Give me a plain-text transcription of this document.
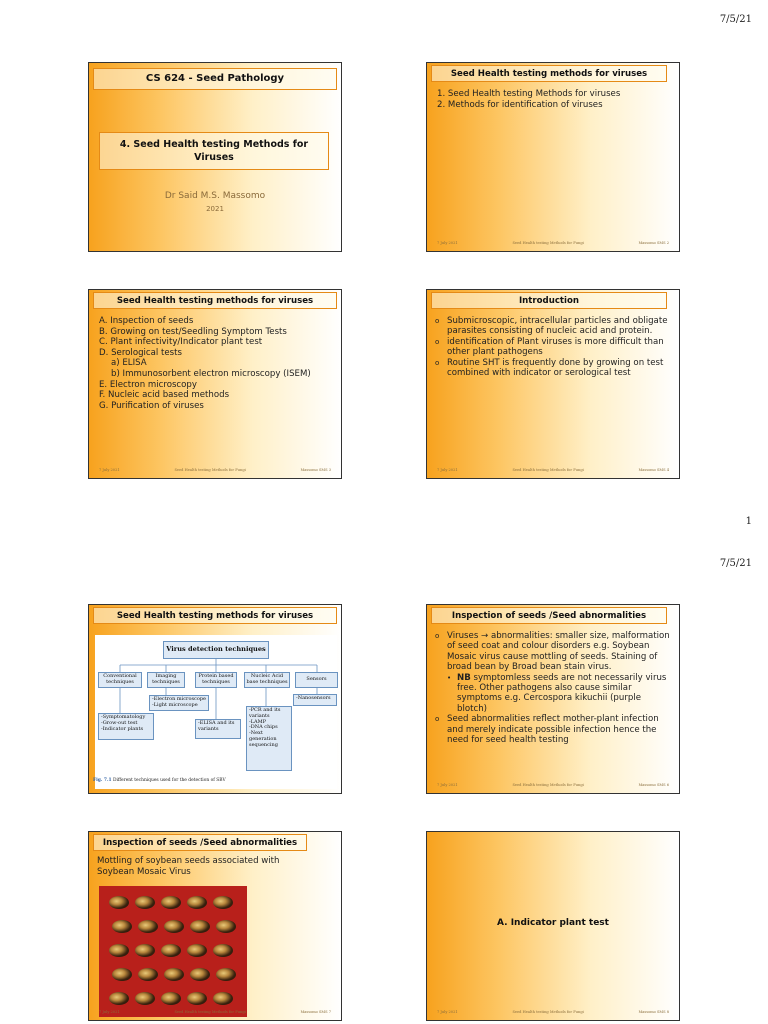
7/5/21
CS 624 - Seed Pathology
4. Seed Health testing Methods for Viruses
Dr Said M.S. Massomo
2021
Seed Health testing methods for viruses
1. Seed Health testing Methods for viruses
2. Methods for identification of viruses
7 July 2021	Seed Health testing Methods for Fungi	Massomo SMS 2
Seed Health testing methods for viruses
A. Inspection of seeds
B. Growing on test/Seedling Symptom Tests
C. Plant infectivity/Indicator plant test
D. Serological tests
a) ELISA
b) Immunosorbent electron microscopy (ISEM)
E. Electron microscopy
F. Nucleic acid based methods
G. Purification of viruses
7 July 2021	Seed Health testing Methods for Fungi	Massomo SMS 3
Introduction
o Submicroscopic, intracellular particles and obligate parasites consisting of nucleic acid and protein.
o identification of Plant viruses is more difficult than other plant pathogens
o Routine SHT is frequently done by growing on test combined with indicator or serological test
7 July 2021	Seed Health testing Methods for Fungi	Massomo SMS 4
1
7/5/21
Seed Health testing methods for viruses
Virus detection techniques
Conventional techniques
Imaging techniques
Protein based techniques
Nucleic Acid base techniques	Sensors
-Symptomatology
-Grow-out test
-Indicator plants
-Electron microscope
-Light microscope
-ELISA and its variants
-PCR and its variants
-LAMP
-DNA chips
-Next generation sequencing
-Nanosensors
Fig. 7.1 Different techniques used for the detection of SBV
Inspection of seeds /Seed abnormalities
o Viruses → abnormalities: smaller size, malformation of seed coat and colour disorders e.g. Soybean Mosaic virus cause mottling of seeds. Staining of broad bean by Broad bean stain virus.
• NB symptomless seeds are not necessarily virus free. Other pathogens also cause similar symptoms e.g. Cercospora kikuchii (purple blotch)
o Seed abnormalities reflect mother-plant infection and merely indicate possible infection hence the need for seed health testing
7 July 2021	Seed Health testing Methods for Fungi	Massomo SMS 6
Inspection of seeds /Seed abnormalities
Mottling of soybean seeds associated with Soybean Mosaic Virus
7 July 2021	Seed Health testing Methods for Fungi	Massomo SMS 7
A. Indicator plant test
7 July 2021	Seed Health testing Methods for Fungi	Massomo SMS 8
